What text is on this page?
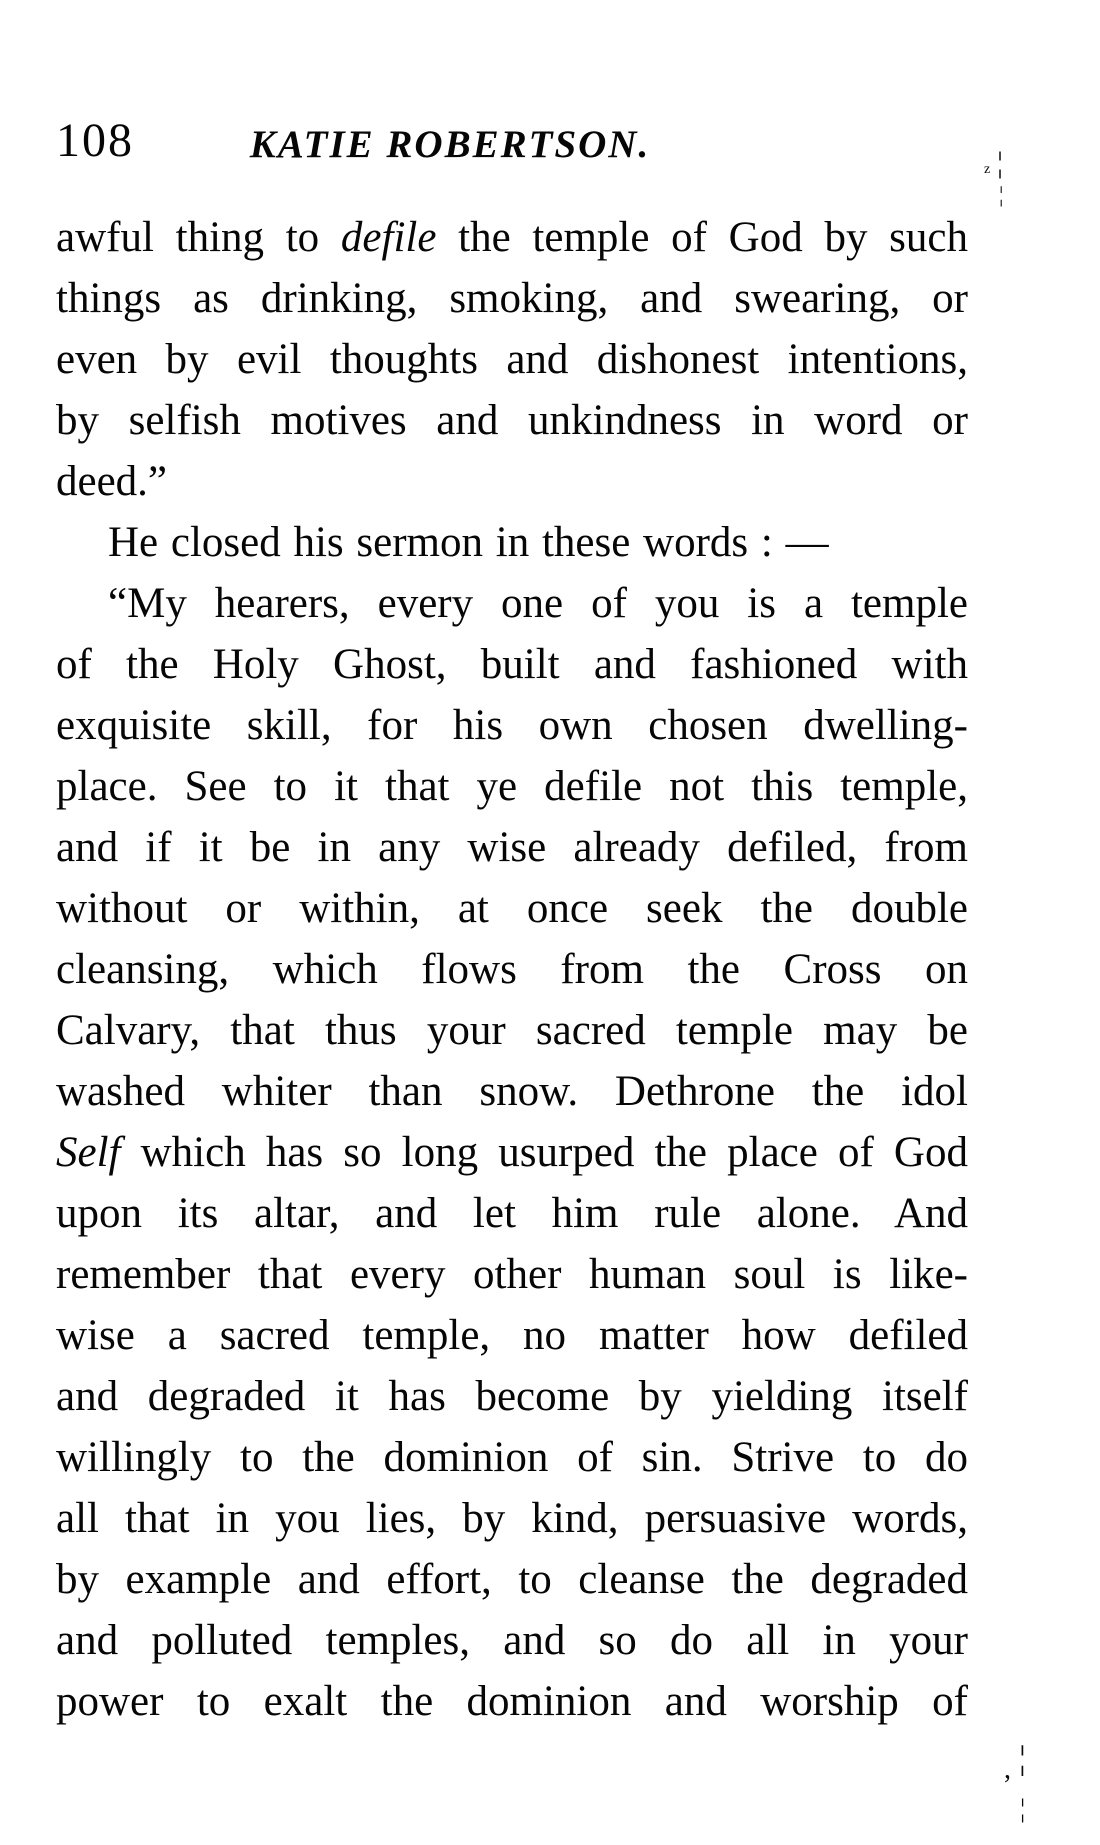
108	KATIE ROBERTSON.
awful thing to defile the temple of God by such
things as drinking, smoking, and swearing, or
even by evil thoughts and dishonest intentions,
by selfish motives and unkindness in word or
deed.”
He closed his sermon in these words : —
“My hearers, every one of you is a temple
of the Holy Ghost, built and fashioned with
exquisite skill, for his own chosen dwelling-
place. See to it that ye defile not this temple,
and if it be in any wise already defiled, from
without or within, at once seek the double
cleansing, which flows from the Cross on
Calvary, that thus your sacred temple may be
washed whiter than snow. Dethrone the idol
Self which has so long usurped the place of God
upon its altar, and let him rule alone. And
remember that every other human soul is like-
wise a sacred temple, no matter how defiled
and degraded it has become by yielding itself
willingly to the dominion of sin. Strive to do
all that in you lies, by kind, persuasive words,
by example and effort, to cleanse the degraded
and polluted temples, and so do all in your
power to exalt the dominion and worship of
z ¦
¦
, ¦
¦
